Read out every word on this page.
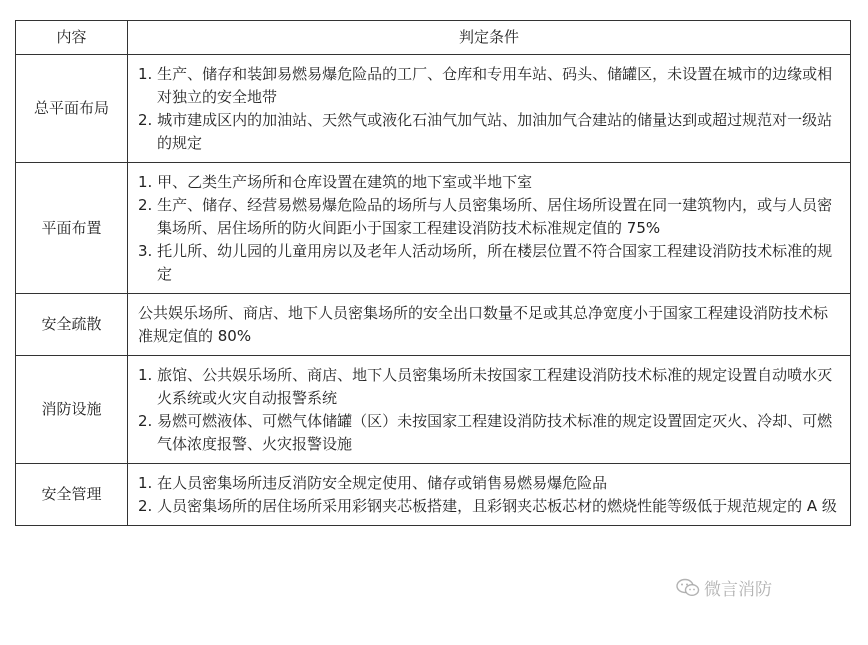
内容	判定条件
总平面布局	1. 生产、储存和装卸易燃易爆危险品的工厂、仓库和专用车站、码头、储罐区，未设置在城市的边缘或相对独立的安全地带

2. 城市建成区内的加油站、天然气或液化石油气加气站、加油加气合建站的储量达到或超过规范对一级站的规定

平面布置	1. 甲、乙类生产场所和仓库设置在建筑的地下室或半地下室

2. 生产、储存、经营易燃易爆危险品的场所与人员密集场所、居住场所设置在同一建筑物内，或与人员密集场所、居住场所的防火间距小于国家工程建设消防技术标准规定值的 75%

3. 托儿所、幼儿园的儿童用房以及老年人活动场所，所在楼层位置不符合国家工程建设消防技术标准的规定

安全疏散	公共娱乐场所、商店、地下人员密集场所的安全出口数量不足或其总净宽度小于国家工程建设消防技术标准规定值的 80%

消防设施	1. 旅馆、公共娱乐场所、商店、地下人员密集场所未按国家工程建设消防技术标准的规定设置自动喷水灭火系统或火灾自动报警系统

2. 易燃可燃液体、可燃气体储罐（区）未按国家工程建设消防技术标准的规定设置固定灭火、冷却、可燃气体浓度报警、火灾报警设施

安全管理	1. 在人员密集场所违反消防安全规定使用、储存或销售易燃易爆危险品

2. 人员密集场所的居住场所采用彩钢夹芯板搭建，且彩钢夹芯板芯材的燃烧性能等级低于规范规定的 A 级

微言消防
